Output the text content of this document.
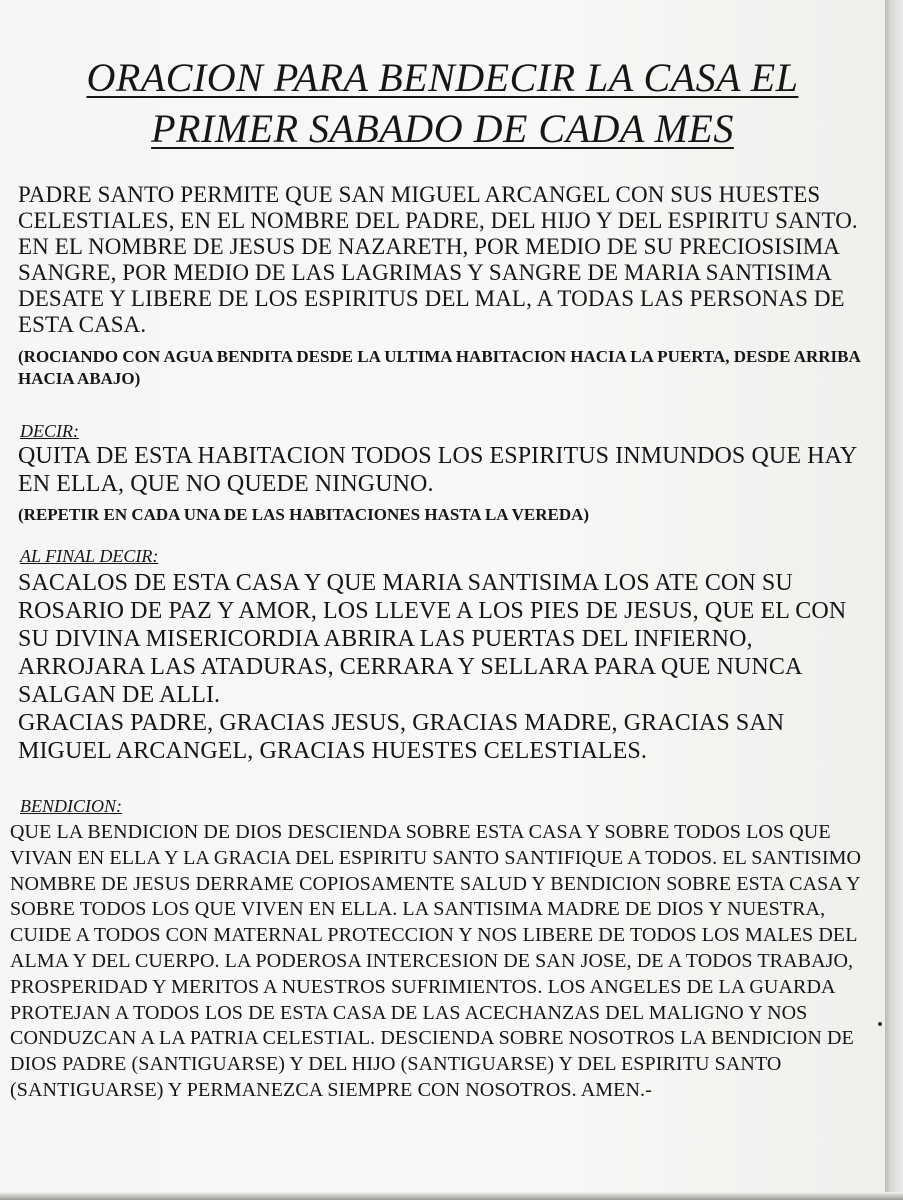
ORACION PARA BENDECIR LA CASA EL
PRIMER SABADO DE CADA MES

PADRE SANTO PERMITE QUE SAN MIGUEL ARCANGEL CON SUS HUESTES CELESTIALES, EN EL NOMBRE DEL PADRE, DEL HIJO Y DEL ESPIRITU SANTO. EN EL NOMBRE DE JESUS DE NAZARETH, POR MEDIO DE SU PRECIOSISIMA SANGRE, POR MEDIO DE LAS LAGRIMAS Y SANGRE DE MARIA SANTISIMA DESATE Y LIBERE DE LOS ESPIRITUS DEL MAL, A TODAS LAS PERSONAS DE ESTA CASA.

(ROCIANDO CON AGUA BENDITA DESDE LA ULTIMA HABITACION HACIA LA PUERTA, DESDE ARRIBA HACIA ABAJO)

DECIR:

QUITA DE ESTA HABITACION TODOS LOS ESPIRITUS INMUNDOS QUE HAY EN ELLA, QUE NO QUEDE NINGUNO.

(REPETIR EN CADA UNA DE LAS HABITACIONES HASTA LA VEREDA)

AL FINAL DECIR:

SACALOS DE ESTA CASA Y QUE MARIA SANTISIMA LOS ATE CON SU ROSARIO DE PAZ Y AMOR, LOS LLEVE A LOS PIES DE JESUS, QUE EL CON SU DIVINA MISERICORDIA ABRIRA LAS PUERTAS DEL INFIERNO, ARROJARA LAS ATADURAS, CERRARA Y SELLARA PARA QUE NUNCA SALGAN DE ALLI.

GRACIAS PADRE, GRACIAS JESUS, GRACIAS MADRE, GRACIAS SAN MIGUEL ARCANGEL, GRACIAS HUESTES CELESTIALES.

BENDICION:

QUE LA BENDICION DE DIOS DESCIENDA SOBRE ESTA CASA Y SOBRE TODOS LOS QUE VIVAN EN ELLA Y LA GRACIA DEL ESPIRITU SANTO SANTIFIQUE A TODOS. EL SANTISIMO NOMBRE DE JESUS DERRAME COPIOSAMENTE SALUD Y BENDICION SOBRE ESTA CASA Y SOBRE TODOS LOS QUE VIVEN EN ELLA. LA SANTISIMA MADRE DE DIOS Y NUESTRA, CUIDE A TODOS CON MATERNAL PROTECCION Y NOS LIBERE DE TODOS LOS MALES DEL ALMA Y DEL CUERPO. LA PODEROSA INTERCESION DE SAN JOSE, DE A TODOS TRABAJO, PROSPERIDAD Y MERITOS A NUESTROS SUFRIMIENTOS. LOS ANGELES DE LA GUARDA PROTEJAN A TODOS LOS DE ESTA CASA DE LAS ACECHANZAS DEL MALIGNO Y NOS CONDUZCAN A LA PATRIA CELESTIAL. DESCIENDA SOBRE NOSOTROS LA BENDICION DE DIOS PADRE (SANTIGUARSE) Y DEL HIJO (SANTIGUARSE) Y DEL ESPIRITU SANTO (SANTIGUARSE) Y PERMANEZCA SIEMPRE CON NOSOTROS. AMEN.-
